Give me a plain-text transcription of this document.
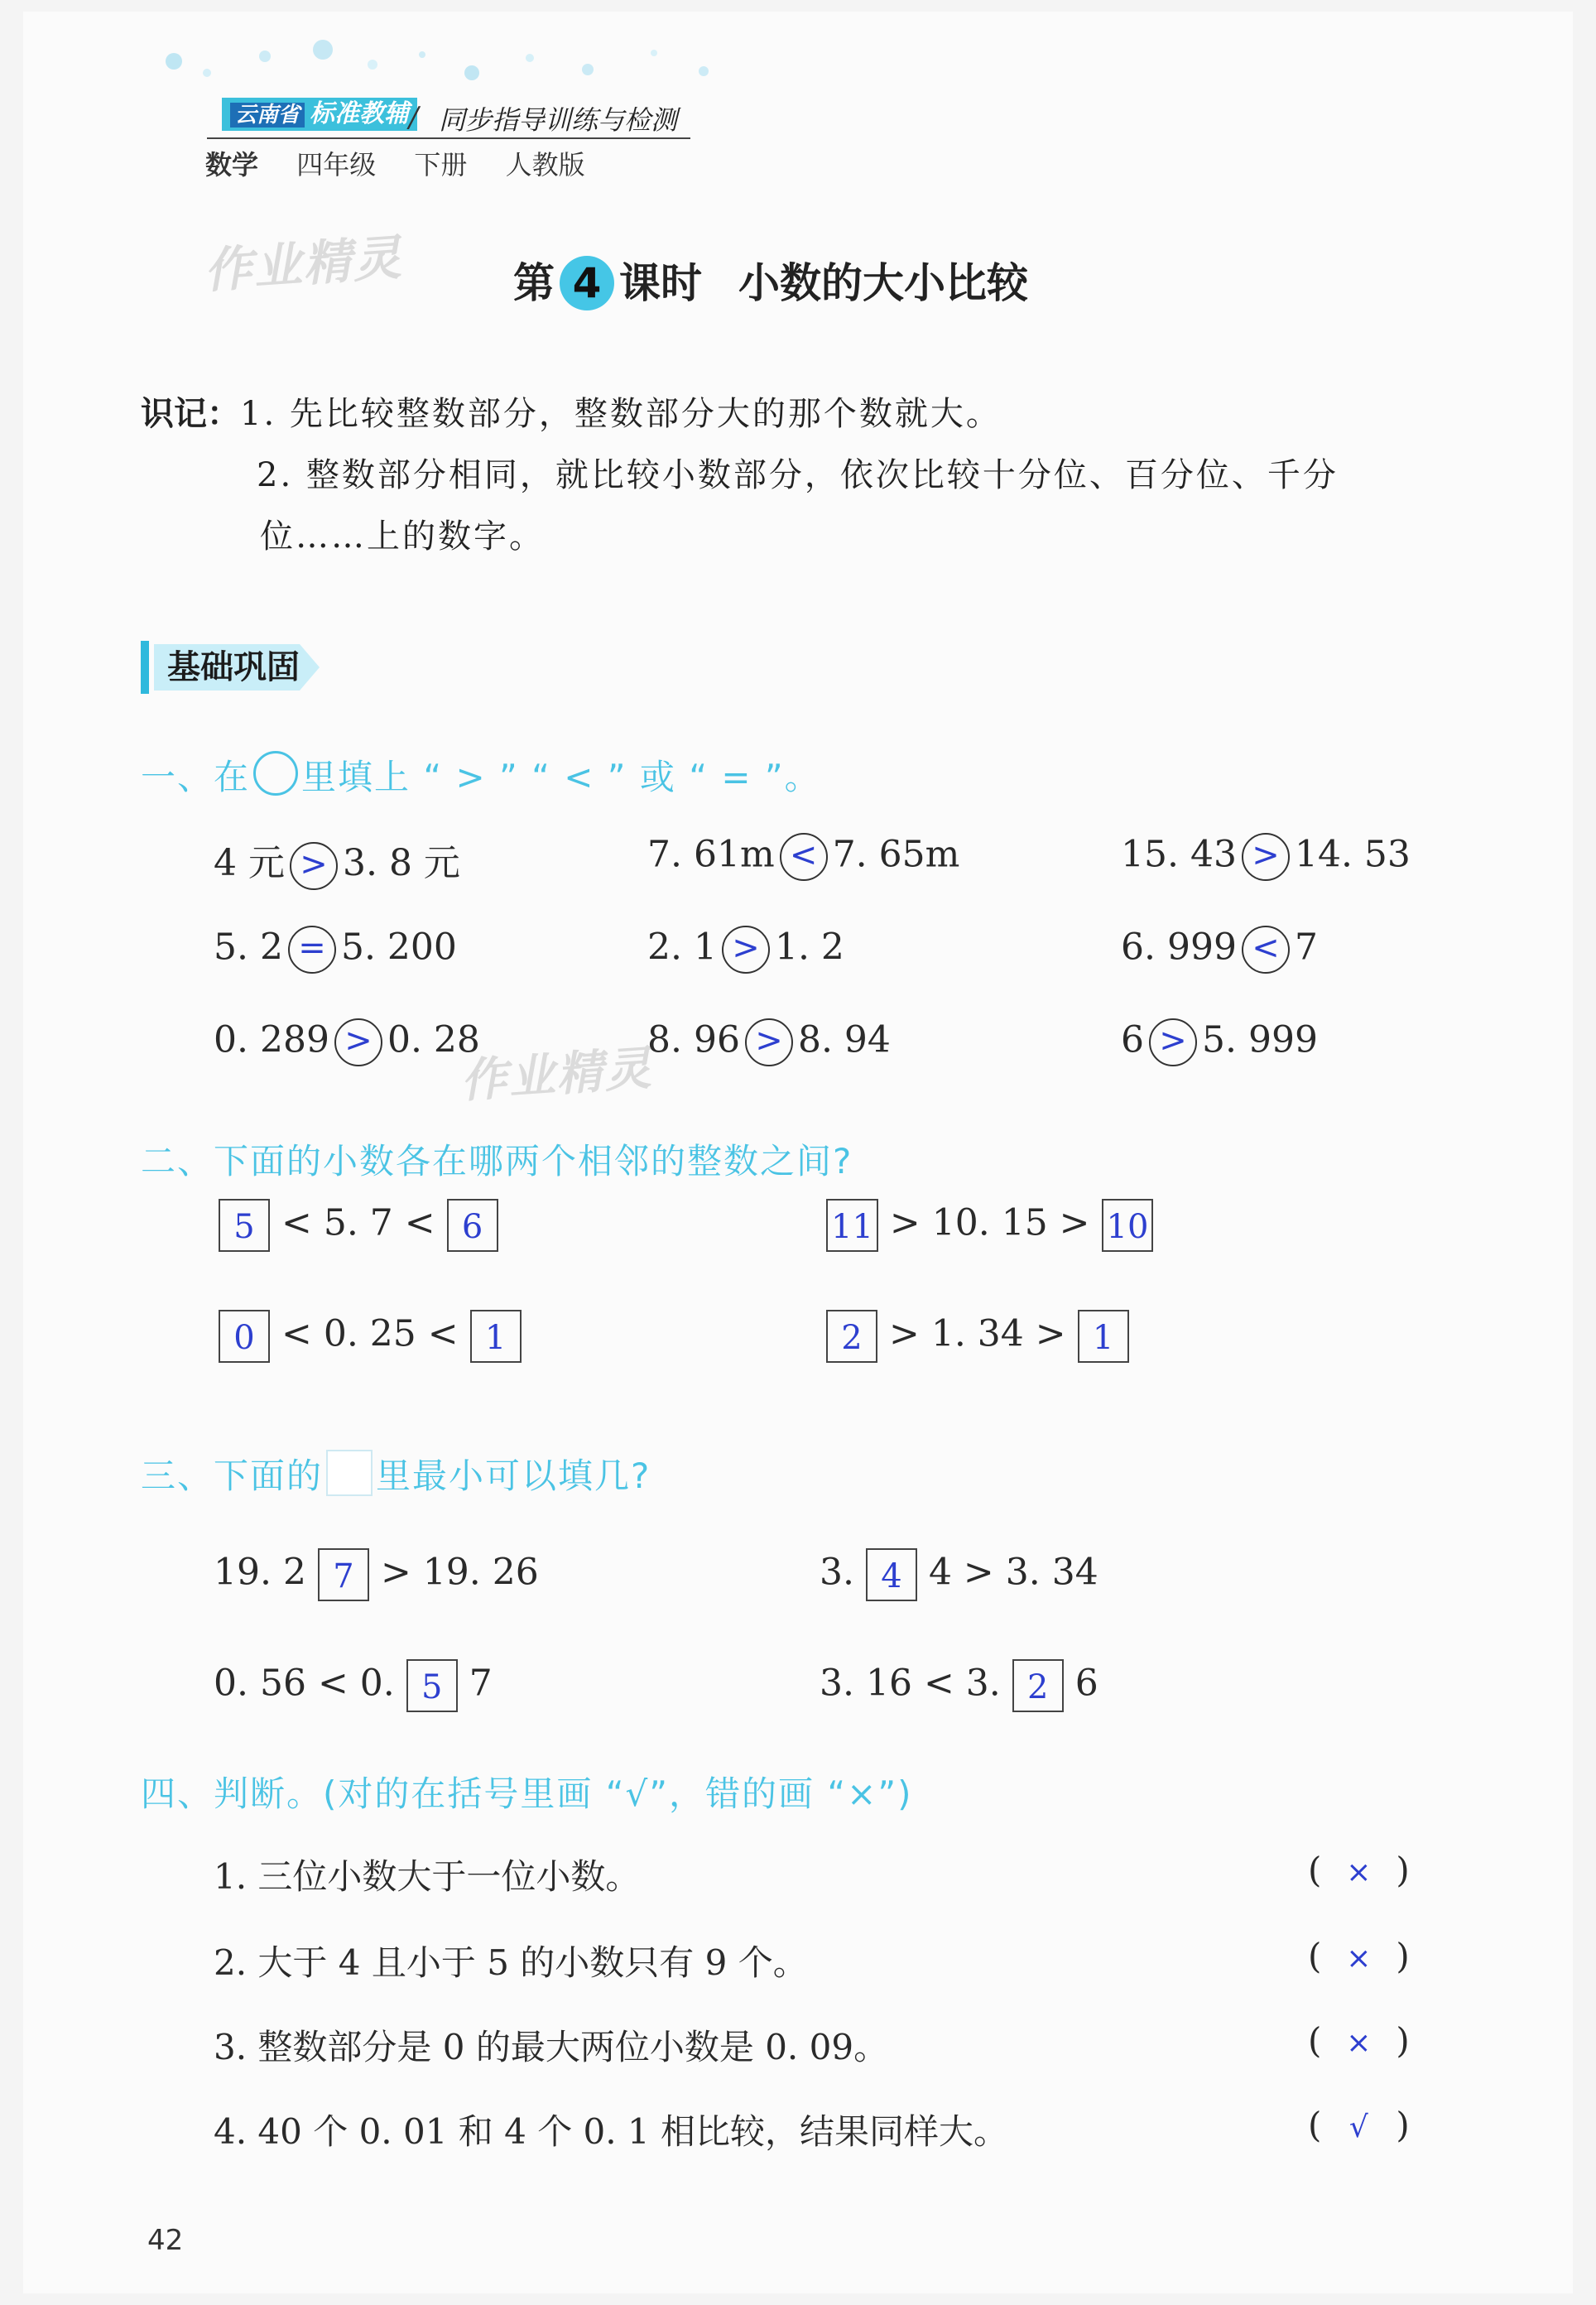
云南省 标准教辅 / 同步指导训练与检测
数学 四年级 下册 人教版
作业精灵	第 4 课时 小数的大小比较
识记：1. 先比较整数部分，整数部分大的那个数就大。
2. 整数部分相同，就比较小数部分，依次比较十分位、百分位、千分
位……上的数字。
基础巩固
一、在 里填上 “ > ” “ < ” 或 “ = ”。
二、下面的小数各在哪两个相邻的整数之间?
三、下面的 里最小可以填几?
四、判断。(对的在括号里画 “√”，错的画 “×”)
42
4 元 > 3. 8 元	7. 61m < 7. 65m	15. 43 > 14. 53
5. 2 = 5. 200	2. 1 > 1. 2	6. 999 < 7
0. 289 > 0. 28	8. 96 > 8. 94	6 > 5. 999
5 < 5. 7 < 6	11 > 10. 15 > 10
0 < 0. 25 < 1	2 > 1. 34 > 1
19. 2 7 > 19. 26	3. 4 4 > 3. 34
0. 56 < 0. 5 7	3. 16 < 3. 2 6
1. 三位小数大于一位小数。	( × )
2. 大于 4 且小于 5 的小数只有 9 个。	( × )
3. 整数部分是 0 的最大两位小数是 0. 09。	( × )
4. 40 个 0. 01 和 4 个 0. 1 相比较，结果同样大。	( √ )
作业精灵
